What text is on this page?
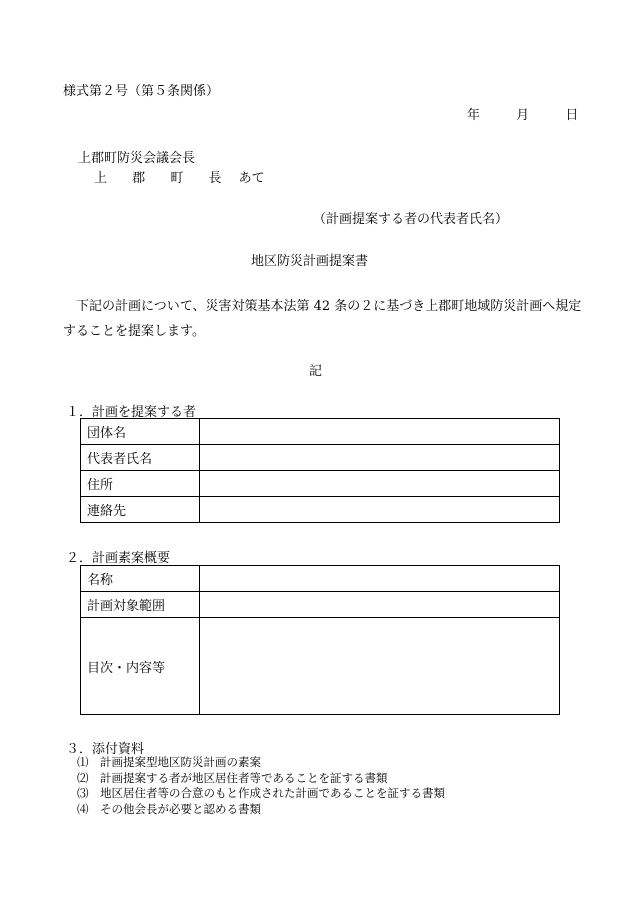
様式第２号（第５条関係）
年	月	日
上郡町防災会議会長
上 郡 町 長 あて
（計画提案する者の代表者氏名）
地区防災計画提案書
下記の計画について、災害対策基本法第 42 条の２に基づき上郡町地域防災計画へ規定することを提案します。
記
１．計画を提案する者
団体名	
代表者氏名	
住所	
連絡先	
２．計画素案概要
名称	
計画対象範囲	
目次・内容等	
３．添付資料
⑴ 計画提案型地区防災計画の素案
⑵ 計画提案する者が地区居住者等であることを証する書類
⑶ 地区居住者等の合意のもと作成された計画であることを証する書類
⑷ その他会長が必要と認める書類
